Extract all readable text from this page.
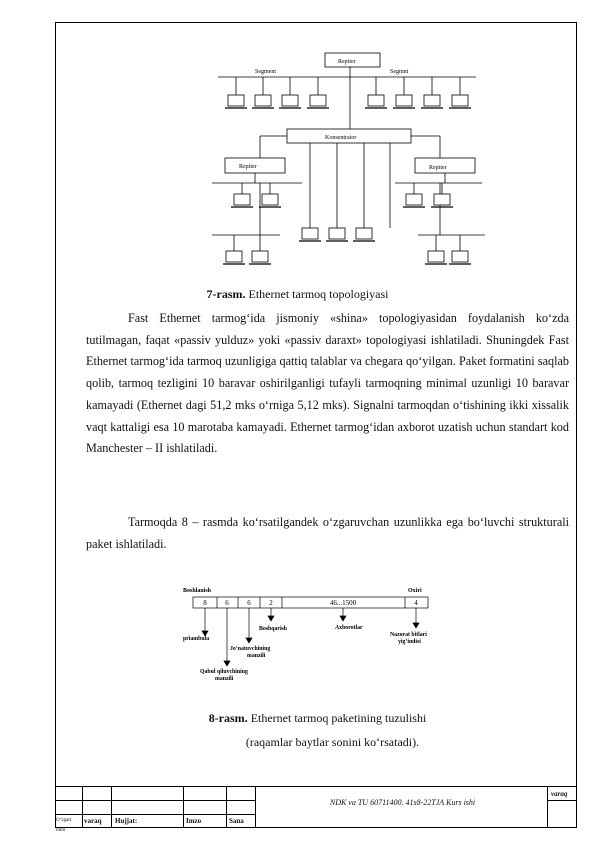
Repiter
Segment	Segmnt
Konsentrator
Repiter	Repiter
7-rasm. Ethernet tarmoq topologiyasi
Fast Ethernet tarmog‘ida jismoniy «shina» topologiyasidan foydalanish ko‘zda tutilmagan, faqat «passiv yulduz» yoki «passiv daraxt» topologiyasi ishlatiladi. Shuningdek Fast Ethernet tarmog‘ida tarmoq uzunligiga qattiq talablar va chegara qo‘yilgan. Paket formatini saqlab qolib, tarmoq tezligini 10 baravar oshirilganligi tufayli tarmoqning minimal uzunligi 10 baravar kamayadi (Ethernet dagi 51,2 mks o‘rniga 5,12 mks). Signalni tarmoqdan o‘tishining ikki xissalik vaqt kattaligi esa 10 marotaba kamayadi. Ethernet tarmog‘idan axborot uzatish uchun standart kod Manchester – II ishlatiladi.
Tarmoqda 8 – rasmda ko‘rsatilgandek o‘zgaruvchan uzunlikka ega bo‘luvchi strukturali paket ishlatiladi.
Boshlanish	Oxiri
8	6	6	2	46...1500	4
priambula
Jo‘natuvchining
manzili
Boshqarish	Axborotlar
Nazorat bitlari
yig‘indisi
Qabul qiluvchining
manzili
8-rasm. Ethernet tarmoq paketining tuzulishi
(raqamlar baytlar sonini ko‘rsatadi).
varaq
O‘zgart. varaq Hujjat:	Imzo	Sana
imm
NDK va TU 60711400. 41s8-22TJA Kurs ishi
